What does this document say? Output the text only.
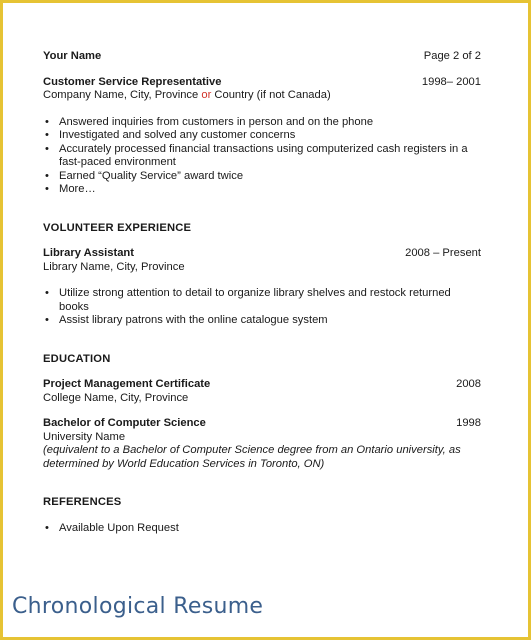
Your Name	Page 2 of 2
Customer Service Representative	1998– 2001
Company Name, City, Province or Country (if not Canada)
• Answered inquiries from customers in person and on the phone
• Investigated and solved any customer concerns
• Accurately processed financial transactions using computerized cash registers in a fast-paced environment
• Earned “Quality Service” award twice
• More…
VOLUNTEER EXPERIENCE
Library Assistant	2008 – Present
Library Name, City, Province
• Utilize strong attention to detail to organize library shelves and restock returned books
• Assist library patrons with the online catalogue system
EDUCATION
Project Management Certificate	2008
College Name, City, Province
Bachelor of Computer Science	1998
University Name
(equivalent to a Bachelor of Computer Science degree from an Ontario university, as determined by World Education Services in Toronto, ON)
REFERENCES
• Available Upon Request
Chronological Resume
